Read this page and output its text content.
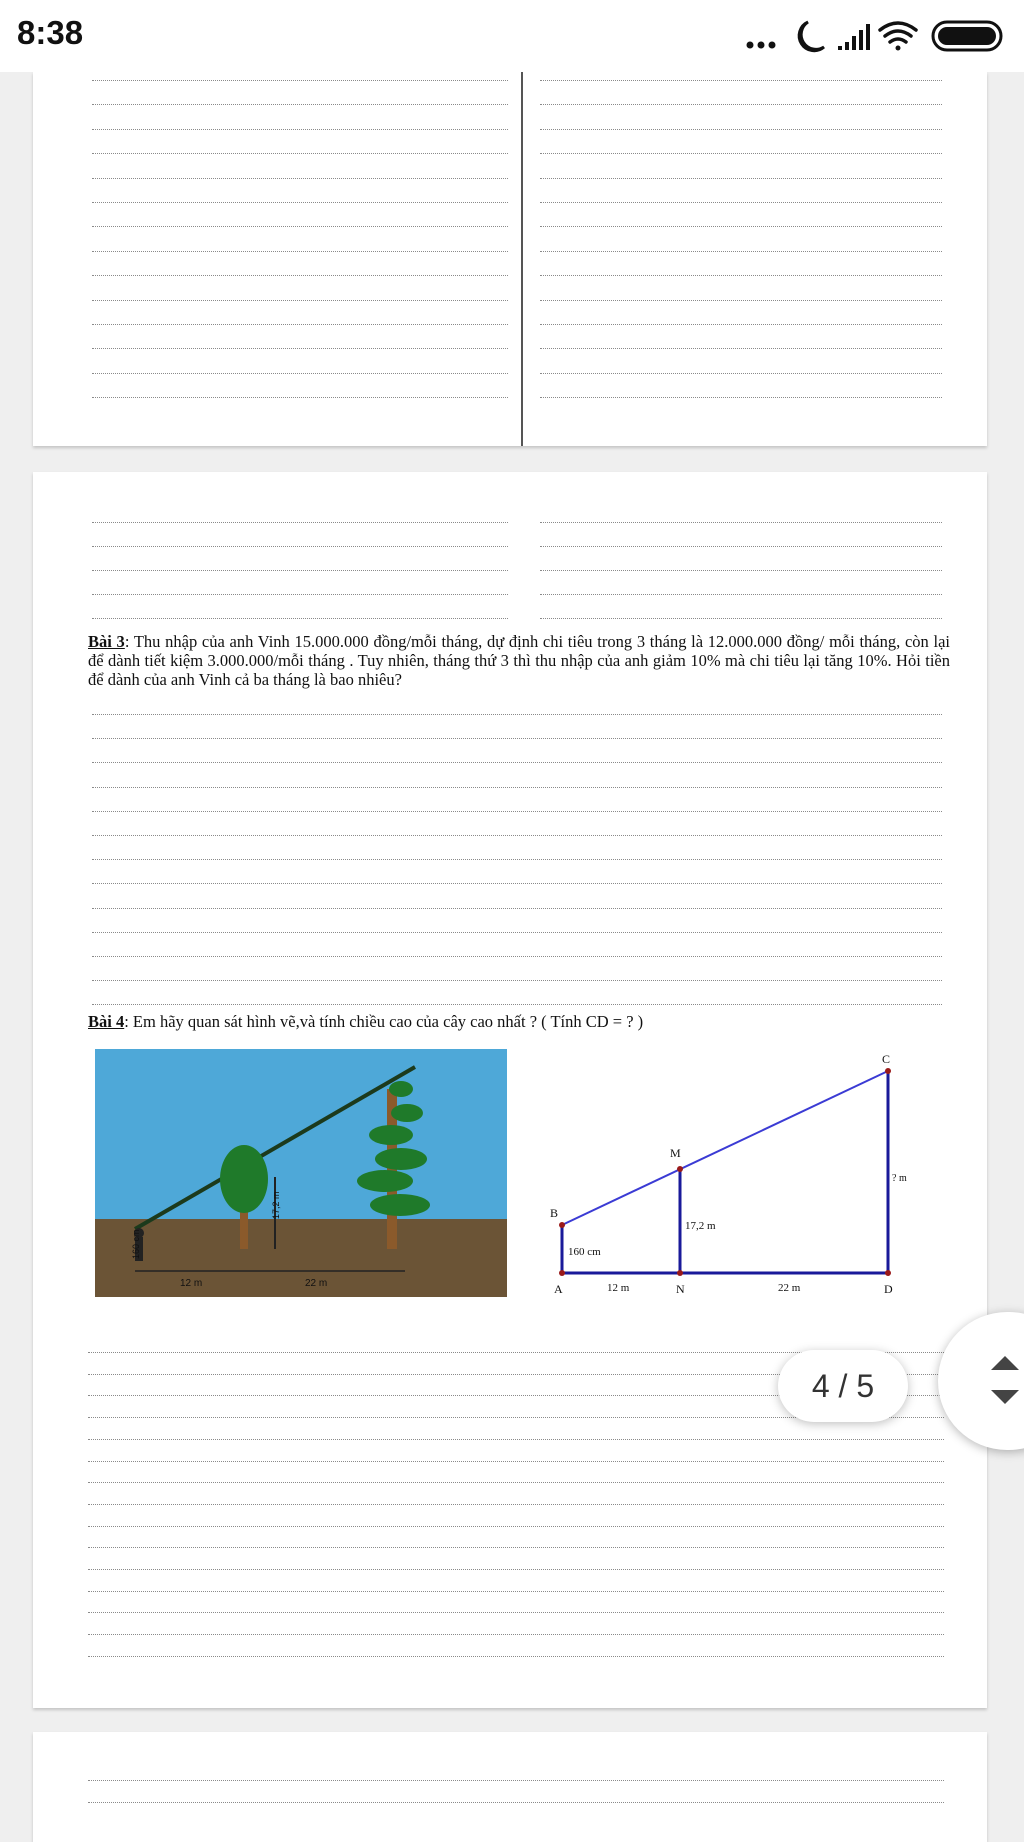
8:38
Bài 3: Thu nhập của anh Vinh 15.000.000 đồng/mỗi tháng, dự định chi tiêu trong 3 tháng là 12.000.000 đồng/ mỗi tháng, còn lại để dành tiết kiệm 3.000.000/mỗi tháng . Tuy nhiên, tháng thứ 3 thì thu nhập của anh giảm 10% mà chi tiêu lại tăng 10%. Hỏi tiền để dành của anh Vinh cả ba tháng là bao nhiêu?
Bài 4: Em hãy quan sát hình vẽ,và tính chiều cao của cây cao nhất ? ( Tính CD = ? )
160 cm
17,2 m
12 m	22 m
B
M
C
A	N	D
160 cm
17,2 m
? m
12 m	22 m
4 / 5
